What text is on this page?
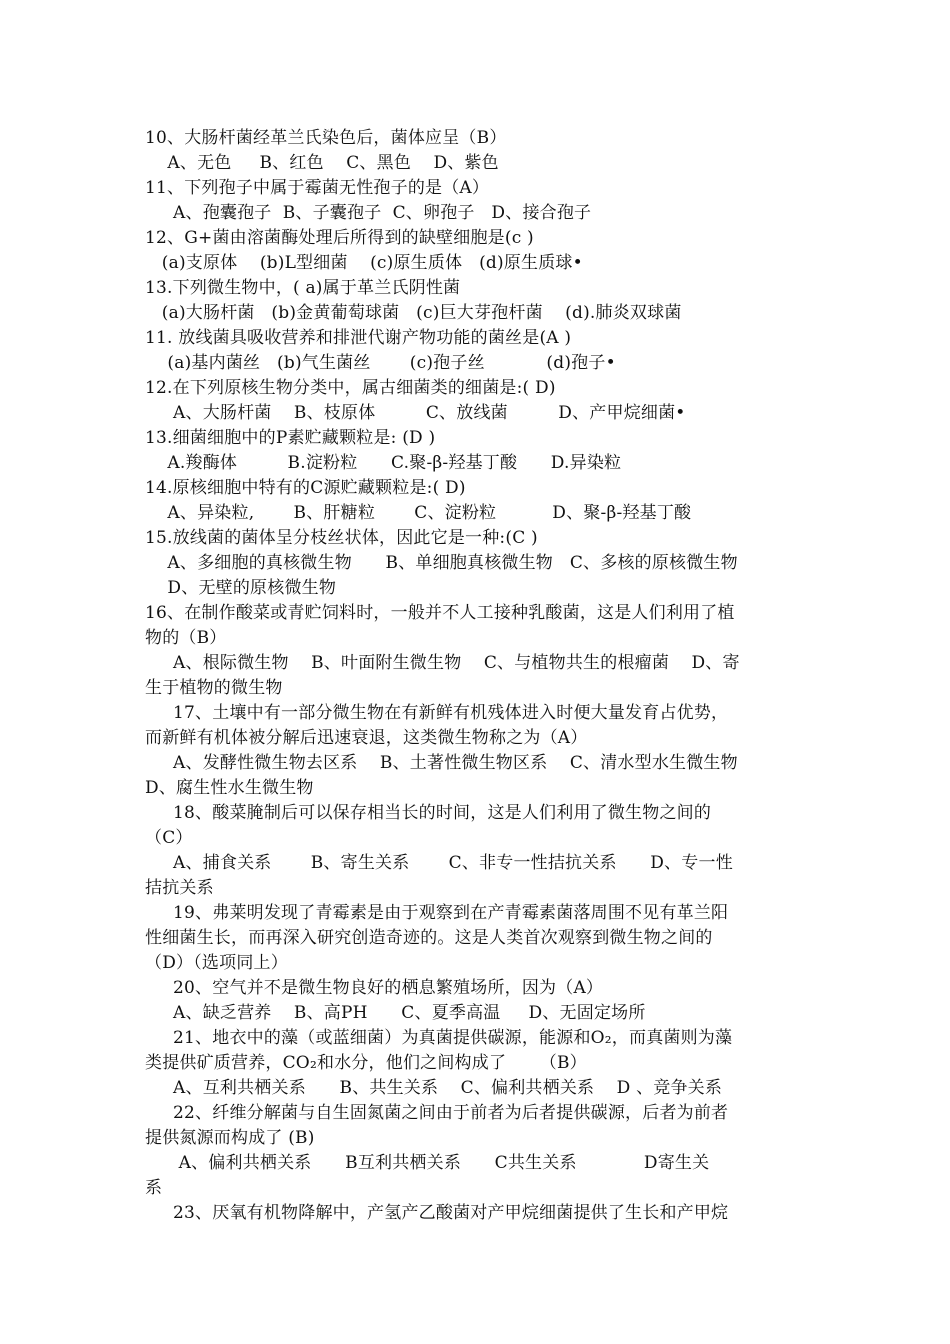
10、大肠杆菌经革兰氏染色后，菌体应呈（B）
A、无色     B、红色    C、黑色    D、紫色
11、下列孢子中属于霉菌无性孢子的是（A）
A、孢囊孢子  B、子囊孢子  C、卵孢子   D、接合孢子
12、G+菌由溶菌酶处理后所得到的缺壁细胞是(c )
(a)支原体    (b)L型细菌    (c)原生质体   (d)原生质球•
13.下列微生物中，( a)属于革兰氏阴性菌
(a)大肠杆菌   (b)金黄葡萄球菌   (c)巨大芽孢杆菌    (d).肺炎双球菌
11. 放线菌具吸收营养和排泄代谢产物功能的菌丝是(A )
(a)基内菌丝   (b)气生菌丝       (c)孢子丝           (d)孢子•
12.在下列原核生物分类中，属古细菌类的细菌是:( D)
A、大肠杆菌    B、枝原体         C、放线菌         D、产甲烷细菌•
13.细菌细胞中的P素贮藏颗粒是: (D )
A.羧酶体         B.淀粉粒      C.聚-β-羟基丁酸      D.异染粒
14.原核细胞中特有的C源贮藏颗粒是:( D)
A、异染粒,       B、肝糖粒       C、淀粉粒          D、聚-β-羟基丁酸
15.放线菌的菌体呈分枝丝状体，因此它是一种:(C )
A、多细胞的真核微生物      B、单细胞真核微生物   C、多核的原核微生物
D、无壁的原核微生物
16、在制作酸菜或青贮饲料时，一般并不人工接种乳酸菌，这是人们利用了植
物的（B）
A、根际微生物    B、叶面附生微生物    C、与植物共生的根瘤菌    D、寄
生于植物的微生物
17、土壤中有一部分微生物在有新鲜有机残体进入时便大量发育占优势，
而新鲜有机体被分解后迅速衰退，这类微生物称之为（A）
A、发酵性微生物去区系    B、土著性微生物区系    C、清水型水生微生物
D、腐生性水生微生物
18、酸菜腌制后可以保存相当长的时间，这是人们利用了微生物之间的
（C）
A、捕食关系       B、寄生关系       C、非专一性拮抗关系      D、专一性
拮抗关系
19、弗莱明发现了青霉素是由于观察到在产青霉素菌落周围不见有革兰阳
性细菌生长，而再深入研究创造奇迹的。这是人类首次观察到微生物之间的
（D）（选项同上）
20、空气并不是微生物良好的栖息繁殖场所，因为（A）
A、缺乏营养    B、高PH      C、夏季高温     D、无固定场所
21、地衣中的藻（或蓝细菌）为真菌提供碳源，能源和O₂，而真菌则为藻
类提供矿质营养，CO₂和水分，他们之间构成了      （B）
A、互利共栖关系      B、共生关系    C、偏利共栖关系    D 、竞争关系
22、纤维分解菌与自生固氮菌之间由于前者为后者提供碳源，后者为前者
提供氮源而构成了 (B)
A、偏利共栖关系      B互利共栖关系      C共生关系            D寄生关
系
23、厌氧有机物降解中，产氢产乙酸菌对产甲烷细菌提供了生长和产甲烷
